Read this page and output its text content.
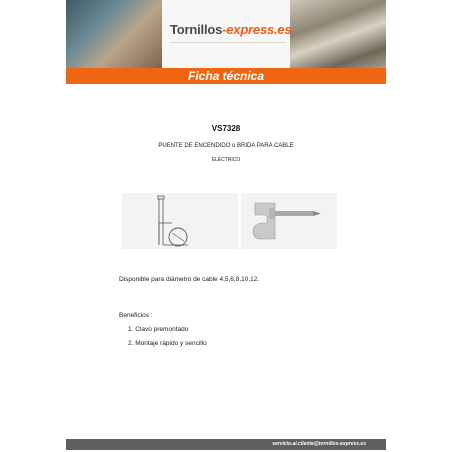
Tornillos-express.es
Ficha técnica
VS7328
PUENTE DE ENCENDIDO o BRIDA PARA CABLE
ELÉCTRICO
Disponible para diámetro de cable 4,5,6,8,10,12.
Beneficios :
1. Clavo premontado
2. Montaje rápido y sencillo
servicio.al.cliente@tornillos-express.es
